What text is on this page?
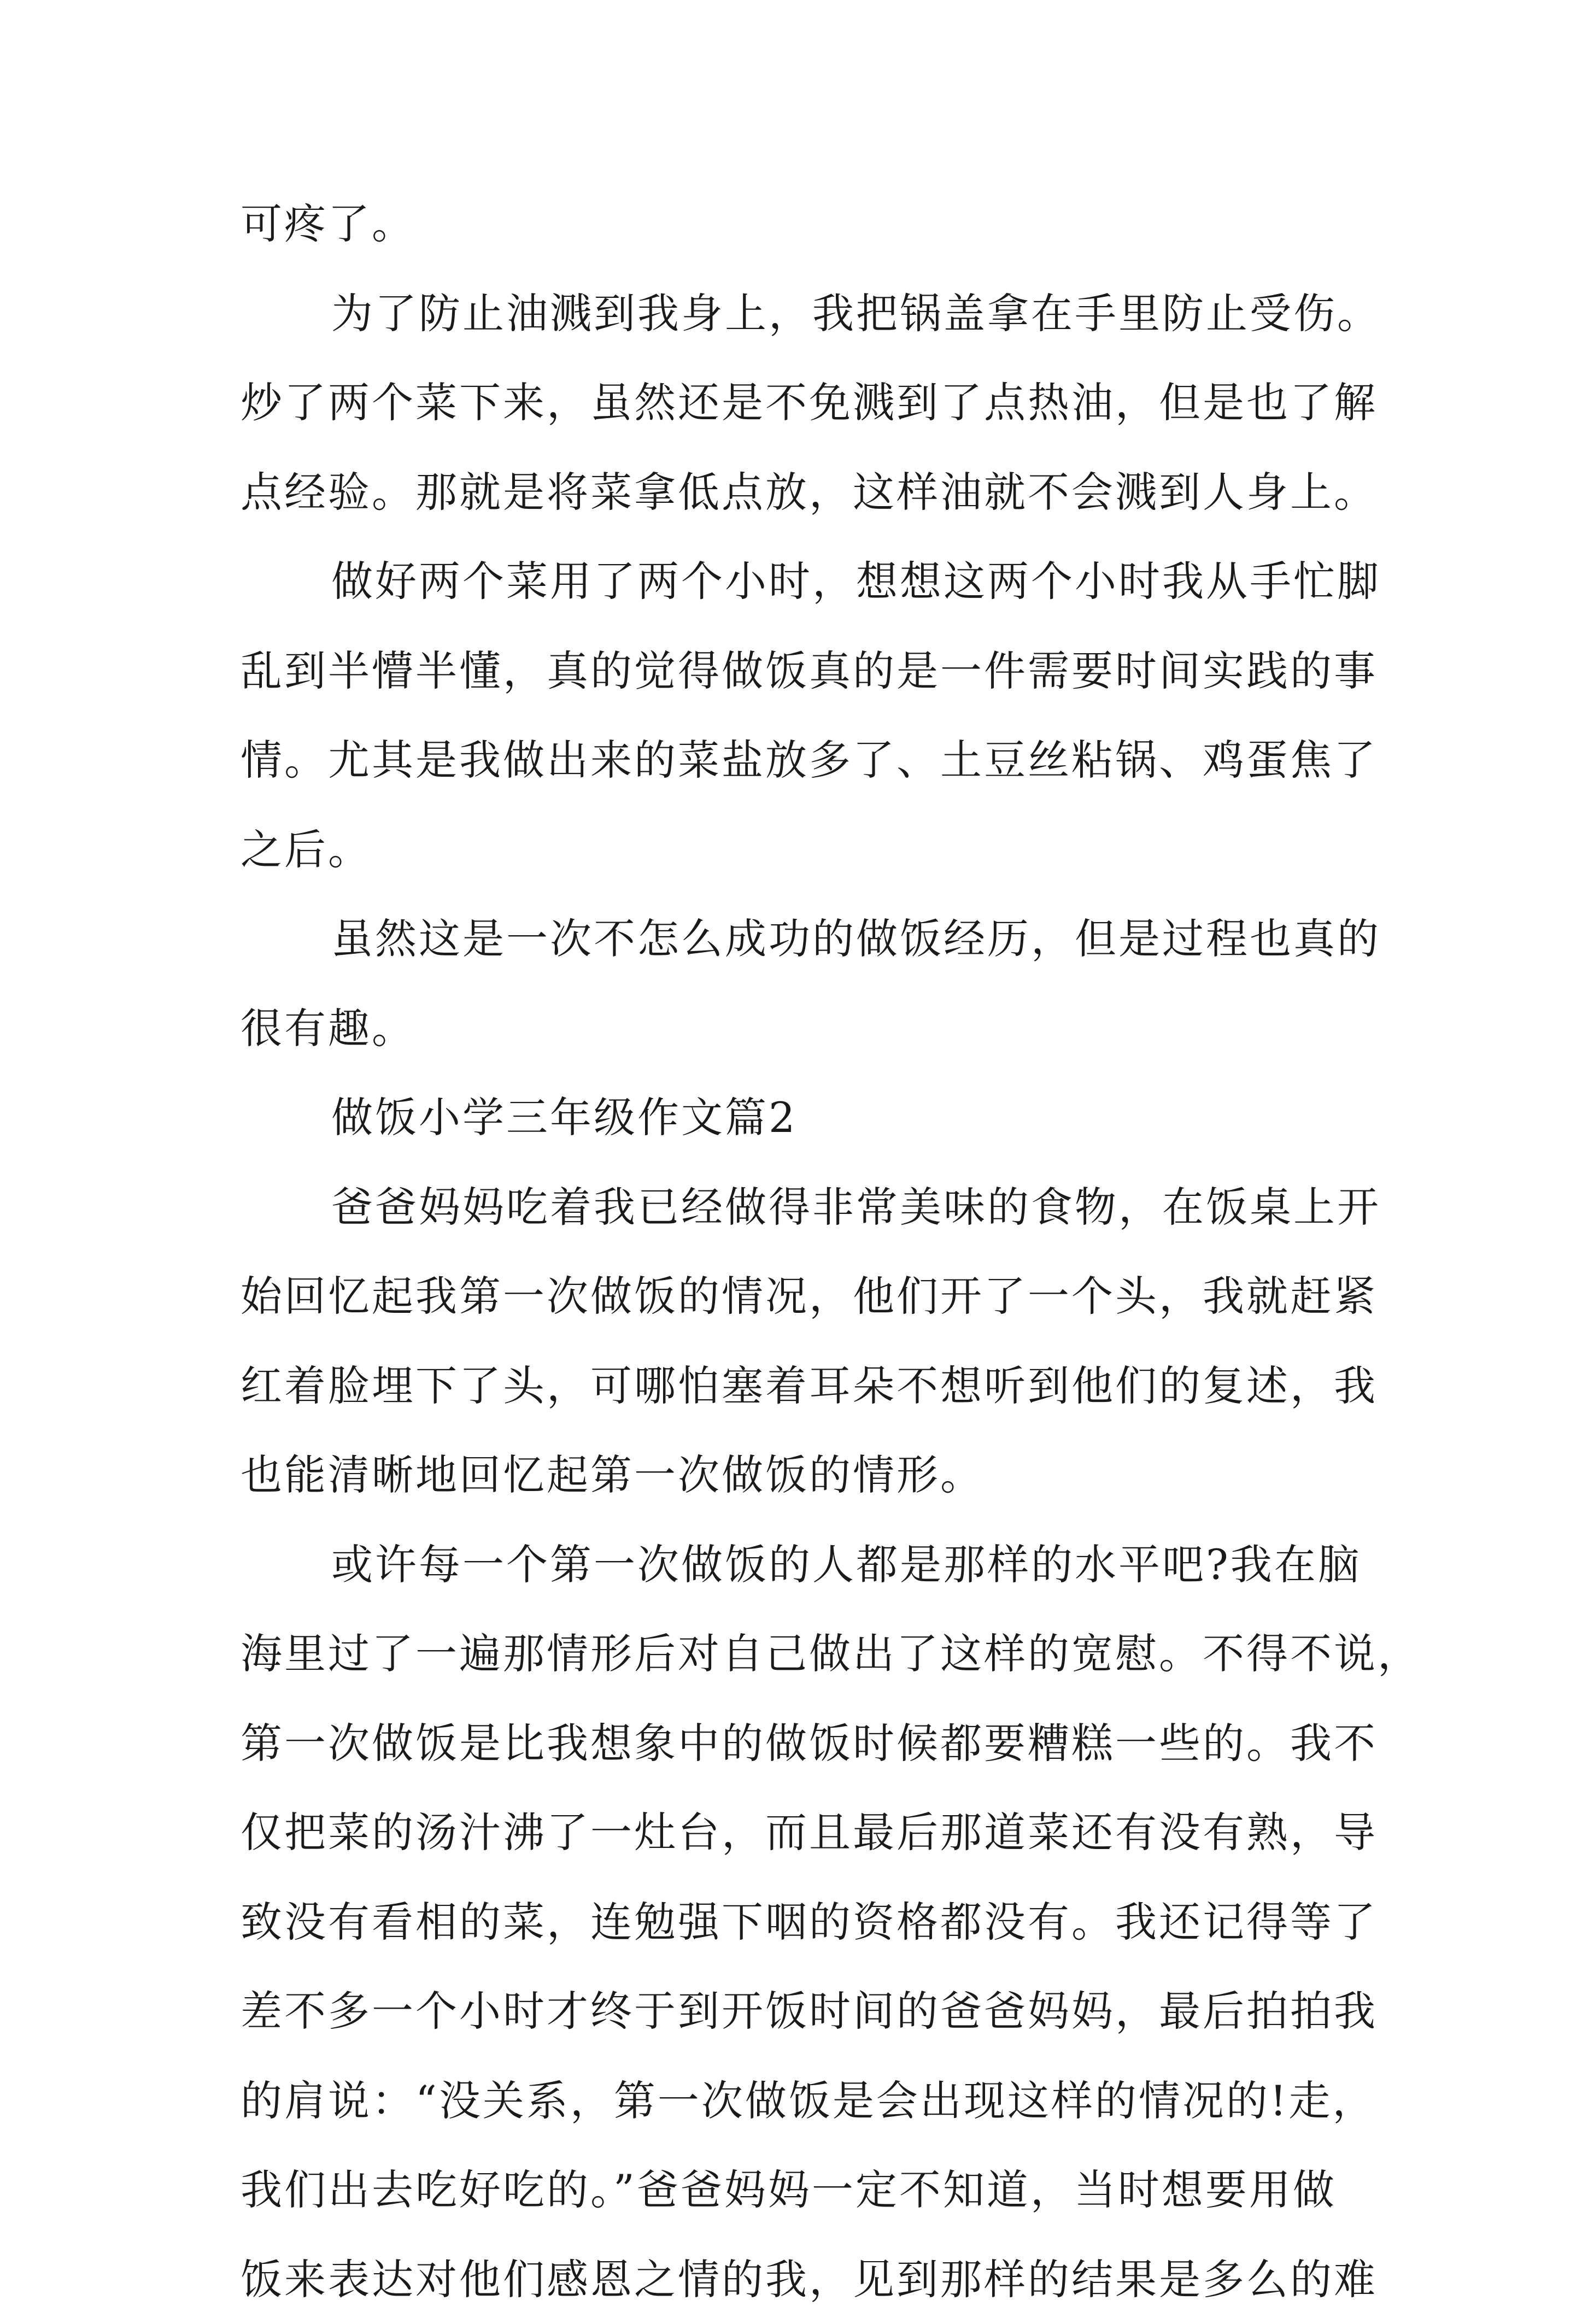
可疼了。
为了防止油溅到我身上，我把锅盖拿在手里防止受伤。
炒了两个菜下来，虽然还是不免溅到了点热油，但是也了解
点经验。那就是将菜拿低点放，这样油就不会溅到人身上。
做好两个菜用了两个小时，想想这两个小时我从手忙脚
乱到半懵半懂，真的觉得做饭真的是一件需要时间实践的事
情。尤其是我做出来的菜盐放多了、土豆丝粘锅、鸡蛋焦了
之后。
虽然这是一次不怎么成功的做饭经历，但是过程也真的
很有趣。
做饭小学三年级作文篇2
爸爸妈妈吃着我已经做得非常美味的食物，在饭桌上开
始回忆起我第一次做饭的情况，他们开了一个头，我就赶紧
红着脸埋下了头，可哪怕塞着耳朵不想听到他们的复述，我
也能清晰地回忆起第一次做饭的情形。
或许每一个第一次做饭的人都是那样的水平吧?我在脑
海里过了一遍那情形后对自己做出了这样的宽慰。不得不说，
第一次做饭是比我想象中的做饭时候都要糟糕一些的。我不
仅把菜的汤汁沸了一灶台，而且最后那道菜还有没有熟，导
致没有看相的菜，连勉强下咽的资格都没有。我还记得等了
差不多一个小时才终于到开饭时间的爸爸妈妈，最后拍拍我
的肩说：“没关系，第一次做饭是会出现这样的情况的!走，
我们出去吃好吃的。”爸爸妈妈一定不知道，当时想要用做
饭来表达对他们感恩之情的我，见到那样的结果是多么的难
